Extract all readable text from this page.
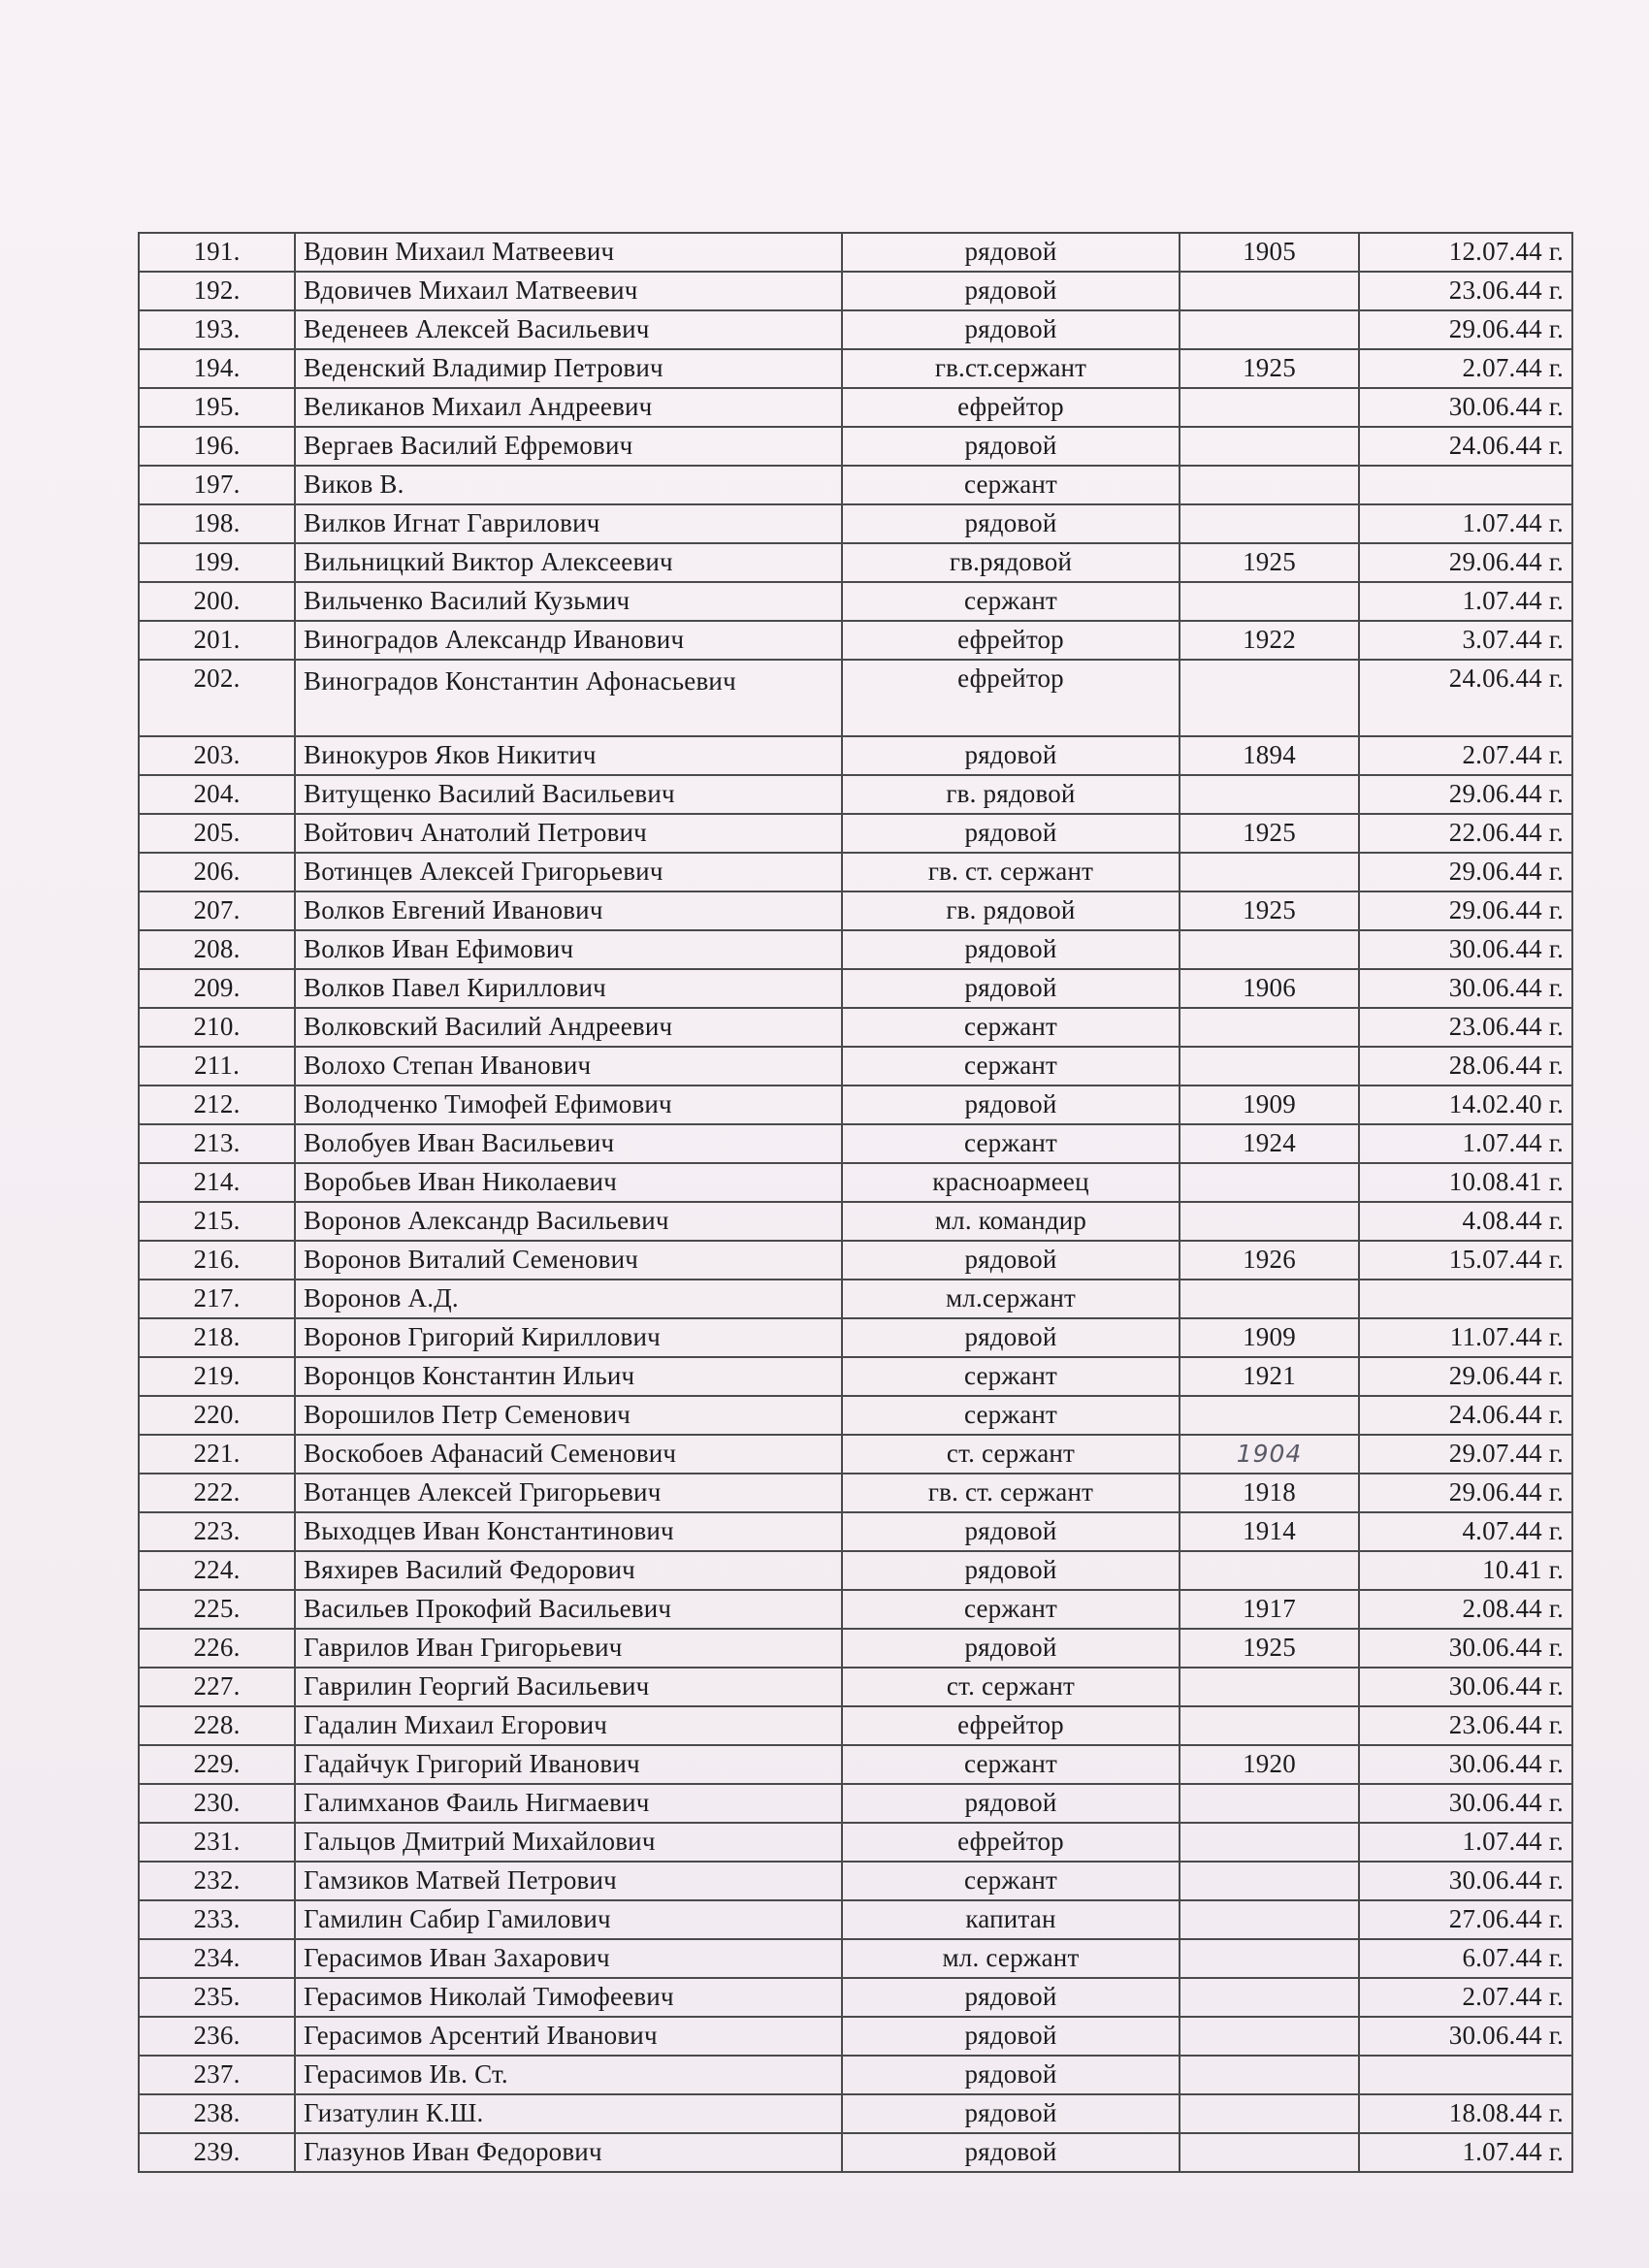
191.	Вдовин Михаил Матвеевич	рядовой	1905	12.07.44 г.
192.	Вдовичев Михаил Матвеевич	рядовой		23.06.44 г.
193.	Веденеев Алексей Васильевич	рядовой		29.06.44 г.
194.	Веденский Владимир Петрович	гв.ст.сержант	1925	2.07.44 г.
195.	Великанов Михаил Андреевич	ефрейтор		30.06.44 г.
196.	Вергаев Василий Ефремович	рядовой		24.06.44 г.
197.	Виков В.	сержант		
198.	Вилков Игнат Гаврилович	рядовой		1.07.44 г.
199.	Вильницкий Виктор Алексеевич	гв.рядовой	1925	29.06.44 г.
200.	Вильченко Василий Кузьмич	сержант		1.07.44 г.
201.	Виноградов Александр Иванович	ефрейтор	1922	3.07.44 г.
202.	Виноградов Константин Афонасьевич	ефрейтор		24.06.44 г.
203.	Винокуров Яков Никитич	рядовой	1894	2.07.44 г.
204.	Витущенко Василий Васильевич	гв. рядовой		29.06.44 г.
205.	Войтович Анатолий Петрович	рядовой	1925	22.06.44 г.
206.	Вотинцев Алексей Григорьевич	гв. ст. сержант		29.06.44 г.
207.	Волков Евгений Иванович	гв. рядовой	1925	29.06.44 г.
208.	Волков Иван Ефимович	рядовой		30.06.44 г.
209.	Волков Павел Кириллович	рядовой	1906	30.06.44 г.
210.	Волковский Василий Андреевич	сержант		23.06.44 г.
211.	Волохо Степан Иванович	сержант		28.06.44 г.
212.	Володченко Тимофей Ефимович	рядовой	1909	14.02.40 г.
213.	Волобуев Иван Васильевич	сержант	1924	1.07.44 г.
214.	Воробьев Иван Николаевич	красноармеец		10.08.41 г.
215.	Воронов Александр Васильевич	мл. командир		4.08.44 г.
216.	Воронов Виталий Семенович	рядовой	1926	15.07.44 г.
217.	Воронов А.Д.	мл.сержант		
218.	Воронов Григорий Кириллович	рядовой	1909	11.07.44 г.
219.	Воронцов Константин Ильич	сержант	1921	29.06.44 г.
220.	Ворошилов Петр Семенович	сержант		24.06.44 г.
221.	Воскобоев Афанасий Семенович	ст. сержант	1904	29.07.44 г.
222.	Вотанцев Алексей Григорьевич	гв. ст. сержант	1918	29.06.44 г.
223.	Выходцев Иван Константинович	рядовой	1914	4.07.44 г.
224.	Вяхирев Василий Федорович	рядовой		10.41 г.
225.	Васильев Прокофий Васильевич	сержант	1917	2.08.44 г.
226.	Гаврилов Иван Григорьевич	рядовой	1925	30.06.44 г.
227.	Гаврилин Георгий Васильевич	ст. сержант		30.06.44 г.
228.	Гадалин Михаил Егорович	ефрейтор		23.06.44 г.
229.	Гадайчук Григорий Иванович	сержант	1920	30.06.44 г.
230.	Галимханов Фаиль Нигмаевич	рядовой		30.06.44 г.
231.	Гальцов Дмитрий Михайлович	ефрейтор		1.07.44 г.
232.	Гамзиков Матвей Петрович	сержант		30.06.44 г.
233.	Гамилин Сабир Гамилович	капитан		27.06.44 г.
234.	Герасимов Иван Захарович	мл. сержант		6.07.44 г.
235.	Герасимов Николай Тимофеевич	рядовой		2.07.44 г.
236.	Герасимов Арсентий Иванович	рядовой		30.06.44 г.
237.	Герасимов Ив. Ст.	рядовой		
238.	Гизатулин К.Ш.	рядовой		18.08.44 г.
239.	Глазунов Иван Федорович	рядовой		1.07.44 г.
